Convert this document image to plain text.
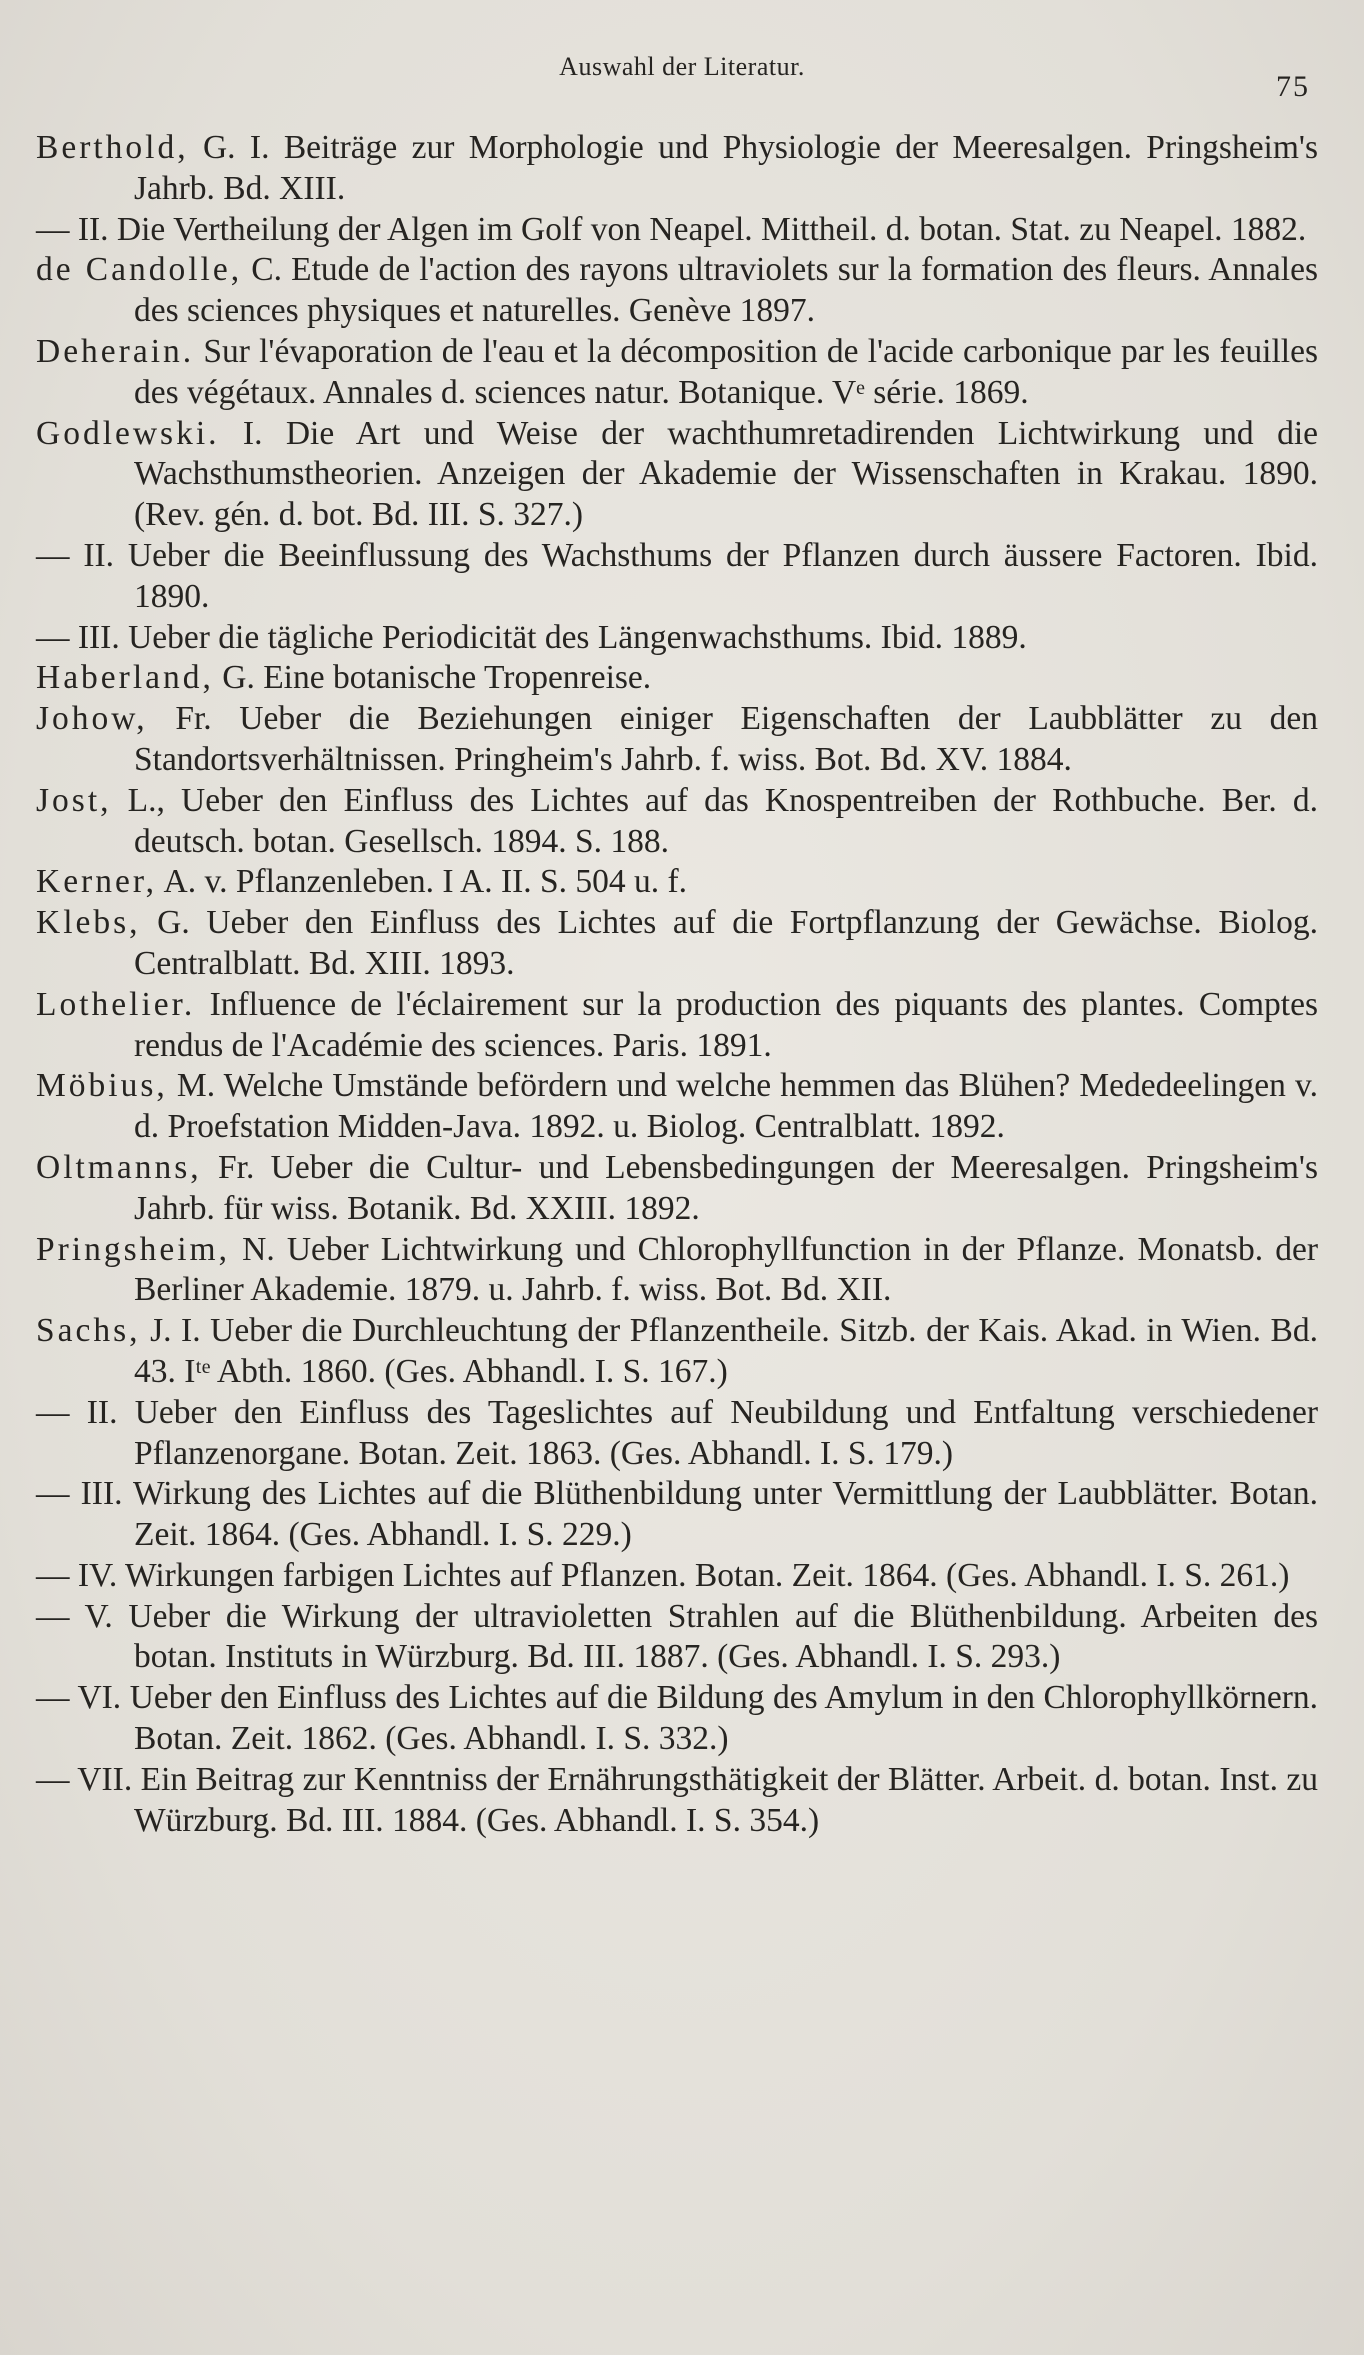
Auswahl der Literatur.
75
Berthold, G. I. Beiträge zur Morphologie und Physiologie der Meeresalgen. Pringsheim's Jahrb. Bd. XIII.
— II. Die Vertheilung der Algen im Golf von Neapel. Mittheil. d. botan. Stat. zu Neapel. 1882.
de Candolle, C. Etude de l'action des rayons ultraviolets sur la formation des fleurs. Annales des sciences physiques et naturelles. Genève 1897.
Deherain. Sur l'évaporation de l'eau et la décomposition de l'acide carbonique par les feuilles des végétaux. Annales d. sciences natur. Botanique. Vᵉ série. 1869.
Godlewski. I. Die Art und Weise der wachthumretadirenden Lichtwirkung und die Wachsthumstheorien. Anzeigen der Akademie der Wissenschaften in Krakau. 1890. (Rev. gén. d. bot. Bd. III. S. 327.)
— II. Ueber die Beeinflussung des Wachsthums der Pflanzen durch äussere Factoren. Ibid. 1890.
— III. Ueber die tägliche Periodicität des Längenwachsthums. Ibid. 1889.
Haberland, G. Eine botanische Tropenreise.
Johow, Fr. Ueber die Beziehungen einiger Eigenschaften der Laubblätter zu den Standortsverhältnissen. Pringheim's Jahrb. f. wiss. Bot. Bd. XV. 1884.
Jost, L., Ueber den Einfluss des Lichtes auf das Knospentreiben der Rothbuche. Ber. d. deutsch. botan. Gesellsch. 1894. S. 188.
Kerner, A. v. Pflanzenleben. I A. II. S. 504 u. f.
Klebs, G. Ueber den Einfluss des Lichtes auf die Fortpflanzung der Gewächse. Biolog. Centralblatt. Bd. XIII. 1893.
Lothelier. Influence de l'éclairement sur la production des piquants des plantes. Comptes rendus de l'Académie des sciences. Paris. 1891.
Möbius, M. Welche Umstände befördern und welche hemmen das Blühen? Mededeelingen v. d. Proefstation Midden-Java. 1892. u. Biolog. Centralblatt. 1892.
Oltmanns, Fr. Ueber die Cultur- und Lebensbedingungen der Meeresalgen. Pringsheim's Jahrb. für wiss. Botanik. Bd. XXIII. 1892.
Pringsheim, N. Ueber Lichtwirkung und Chlorophyllfunction in der Pflanze. Monatsb. der Berliner Akademie. 1879. u. Jahrb. f. wiss. Bot. Bd. XII.
Sachs, J. I. Ueber die Durchleuchtung der Pflanzentheile. Sitzb. der Kais. Akad. in Wien. Bd. 43. Iᵗᵉ Abth. 1860. (Ges. Abhandl. I. S. 167.)
— II. Ueber den Einfluss des Tageslichtes auf Neubildung und Entfaltung verschiedener Pflanzenorgane. Botan. Zeit. 1863. (Ges. Abhandl. I. S. 179.)
— III. Wirkung des Lichtes auf die Blüthenbildung unter Vermittlung der Laubblätter. Botan. Zeit. 1864. (Ges. Abhandl. I. S. 229.)
— IV. Wirkungen farbigen Lichtes auf Pflanzen. Botan. Zeit. 1864. (Ges. Abhandl. I. S. 261.)
— V. Ueber die Wirkung der ultravioletten Strahlen auf die Blüthenbildung. Arbeiten des botan. Instituts in Würzburg. Bd. III. 1887. (Ges. Abhandl. I. S. 293.)
— VI. Ueber den Einfluss des Lichtes auf die Bildung des Amylum in den Chlorophyllkörnern. Botan. Zeit. 1862. (Ges. Abhandl. I. S. 332.)
— VII. Ein Beitrag zur Kenntniss der Ernährungsthätigkeit der Blätter. Arbeit. d. botan. Inst. zu Würzburg. Bd. III. 1884. (Ges. Abhandl. I. S. 354.)
